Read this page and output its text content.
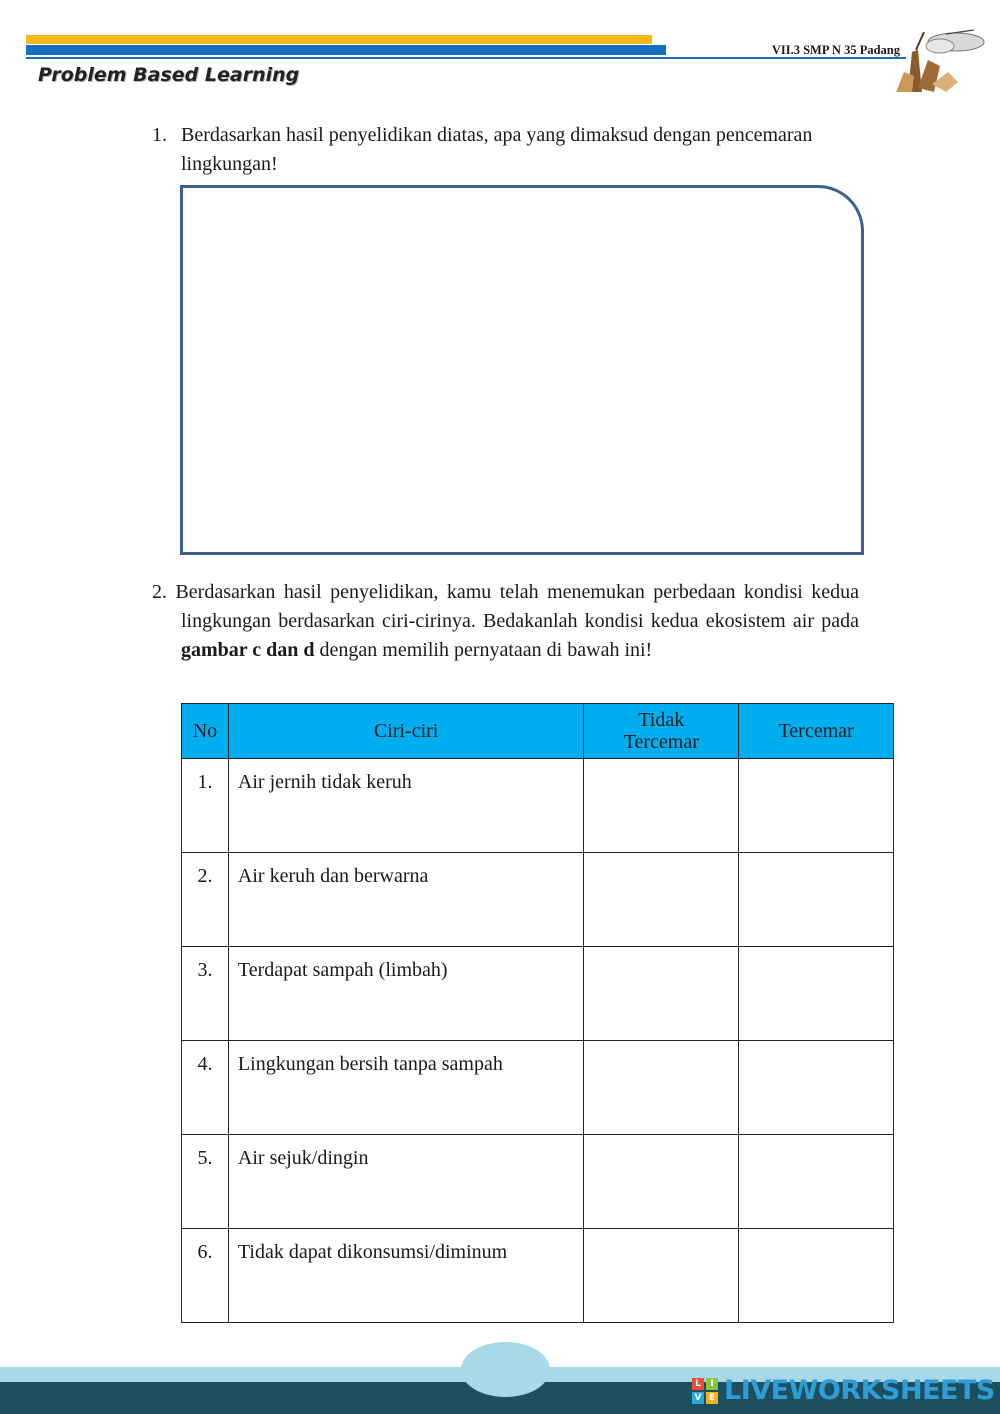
VII.3 SMP N 35 Padang
Problem Based Learning
1. Berdasarkan hasil penyelidikan diatas, apa yang dimaksud dengan pencemaran lingkungan!
2. Berdasarkan hasil penyelidikan, kamu telah menemukan perbedaan kondisi kedua lingkungan berdasarkan ciri-cirinya. Bedakanlah kondisi kedua ekosistem air pada gambar c dan d dengan memilih pernyataan di bawah ini!
No	Ciri-ciri	Tidak Tercemar	Tercemar
1.	Air jernih tidak keruh		
2.	Air keruh dan berwarna		
3.	Terdapat sampah (limbah)		
4.	Lingkungan bersih tanpa sampah		
5.	Air sejuk/dingin		
6.	Tidak dapat dikonsumsi/diminum		
L	I
V E LIVEWORKSHEETS
